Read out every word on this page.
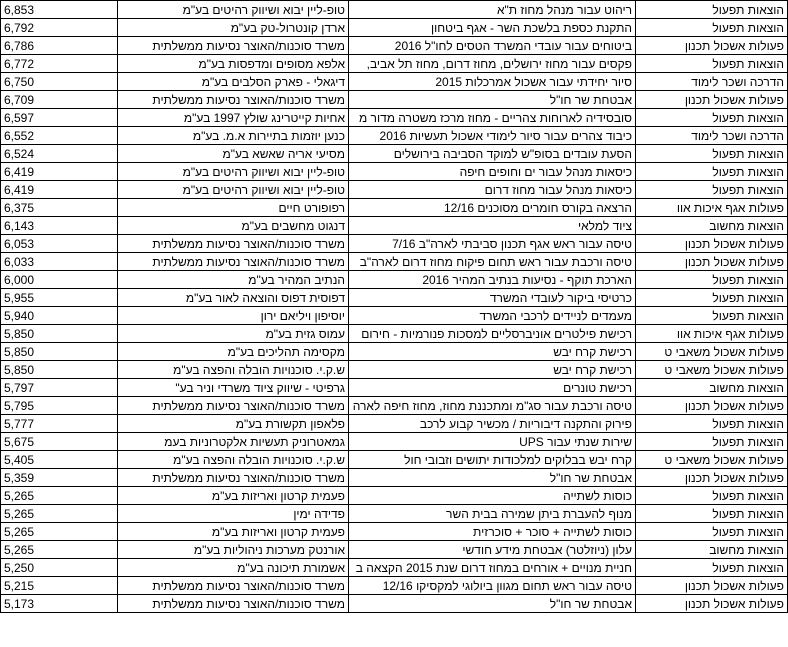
הוצאות תפעול	ריהוט עבור מנהל מחוז ת"א	טופ-ליין יבוא ושיווק רהיטים בע"מ	6,853
הוצאות תפעול	התקנת כספת בלשכת השר - אגף ביטחון	ארדן קונטרול-טק בע"מ	6,792
פעולות אשכול תכנון	ביטוחים עבור עובדי המשרד הטסים לחו"ל 2016	משרד סוכנות/האוצר נסיעות ממשלתית	6,786
הוצאות תפעול	פקסים עבור מחוז ירושלים, מחוז דרום, מחוז תל אביב,	אלפא מסופים ומדפסות בע"מ	6,772
הדרכה ושכר לימוד	סיור יחידתי עבור אשכול אמרכלות 2015	דיגאלי - פארק הסלבים בע"מ	6,750
פעולות אשכול תכנון	אבטחת שר חו"ל	משרד סוכנות/האוצר נסיעות ממשלתית	6,709
הוצאות תפעול	סובסידיה לארוחות צהריים - מחוז מרכז משטרה מדור מ	אחיות קייטרינג שולץ 1997 בע"מ	6,597
הדרכה ושכר לימוד	כיבוד צהרים עבור סיור לימודי אשכול תעשיות 2016	כנען יוזמות בתיירות א.מ. בע"מ	6,552
הוצאות תפעול	הסעת עובדים בסופ"ש למוקד הסביבה בירושלים	מסיעי אריה שאשא בע"מ	6,524
הוצאות תפעול	כיסאות מנהל עבור ים וחופים חיפה	טופ-ליין יבוא ושיווק רהיטים בע"מ	6,419
הוצאות תפעול	כיסאות מנהל עבור מחוז דרום	טופ-ליין יבוא ושיווק רהיטים בע"מ	6,419
פעולות אגף איכות אוו	הרצאה בקורס חומרים מסוכנים 12/16	רפופורט חיים	6,375
הוצאות מחשוב	ציוד למלאי	דנגוט מחשבים בע"מ	6,143
פעולות אשכול תכנון	טיסה עבור ראש אגף תכנון סביבתי לארה"ב 7/16	משרד סוכנות/האוצר נסיעות ממשלתית	6,053
פעולות אשכול תכנון	טיסה ורכבת עבור ראש תחום פיקוח מחוז דרום לארה"ב	משרד סוכנות/האוצר נסיעות ממשלתית	6,033
הוצאות תפעול	הארכת תוקף - נסיעות בנתיב המהיר 2016	הנתיב המהיר בע"מ	6,000
הוצאות תפעול	כרטיסי ביקור לעובדי המשרד	דפוסית דפוס והוצאה לאור בע"מ	5,955
הוצאות תפעול	מעמדים לניידים לרכבי המשרד	יוסיפון ויליאם ירון	5,940
פעולות אגף איכות אוו	רכישת פילטרים אוניברסליים למסכות פנורמיות - חירום	עמוס גזית בע"מ	5,850
פעולות אשכול משאבי ט	רכישת קרח יבש	מקסימה תהליכים בע"מ	5,850
פעולות אשכול משאבי ט	רכישת קרח יבש	ש.ק.י. סוכנויות הובלה והפצה בע"מ	5,850
הוצאות מחשוב	רכישת טונרים	גרפיטי - שיווק ציוד משרדי וניר בע"	5,797
פעולות אשכול תכנון	טיסה ורכבת עבור סג"מ ומתכננת מחוז, מחוז חיפה לארה	משרד סוכנות/האוצר נסיעות ממשלתית	5,795
הוצאות תפעול	פירוק והתקנה דיבוריות / מכשיר קבוע לרכב	פלאפון תקשורת בע"מ	5,777
הוצאות תפעול	שירות שנתי עבור UPS	גמאטרוניק תעשיות אלקטרוניות בעמ	5,675
פעולות אשכול משאבי ט	קרח יבש בבלוקים למלכודות יתושים וזבובי חול	ש.ק.י. סוכנויות הובלה והפצה בע"מ	5,405
פעולות אשכול תכנון	אבטחת שר חו"ל	משרד סוכנות/האוצר נסיעות ממשלתית	5,359
הוצאות תפעול	כוסות לשתייה	פעמית קרטון ואריזות בע"מ	5,265
הוצאות תפעול	מנוף להעברת ביתן שמירה בבית השר	פדידה ימין	5,265
הוצאות תפעול	כוסות לשתייה + סוכר + סוכרזית	פעמית קרטון ואריזות בע"מ	5,265
הוצאות מחשוב	עלון (ניוזלטר) אבטחת מידע חודשי	אורנטק מערכות ניהוליות בע"מ	5,265
הוצאות תפעול	חניית מנויים + אורחים במחוז דרום שנת 2015 הקצאה ב	אשמורת תיכונה בע"מ	5,250
פעולות אשכול תכנון	טיסה עבור ראש תחום מגוון ביולוגי למקסיקו 12/16	משרד סוכנות/האוצר נסיעות ממשלתית	5,215
פעולות אשכול תכנון	אבטחת שר חו"ל	משרד סוכנות/האוצר נסיעות ממשלתית	5,173
